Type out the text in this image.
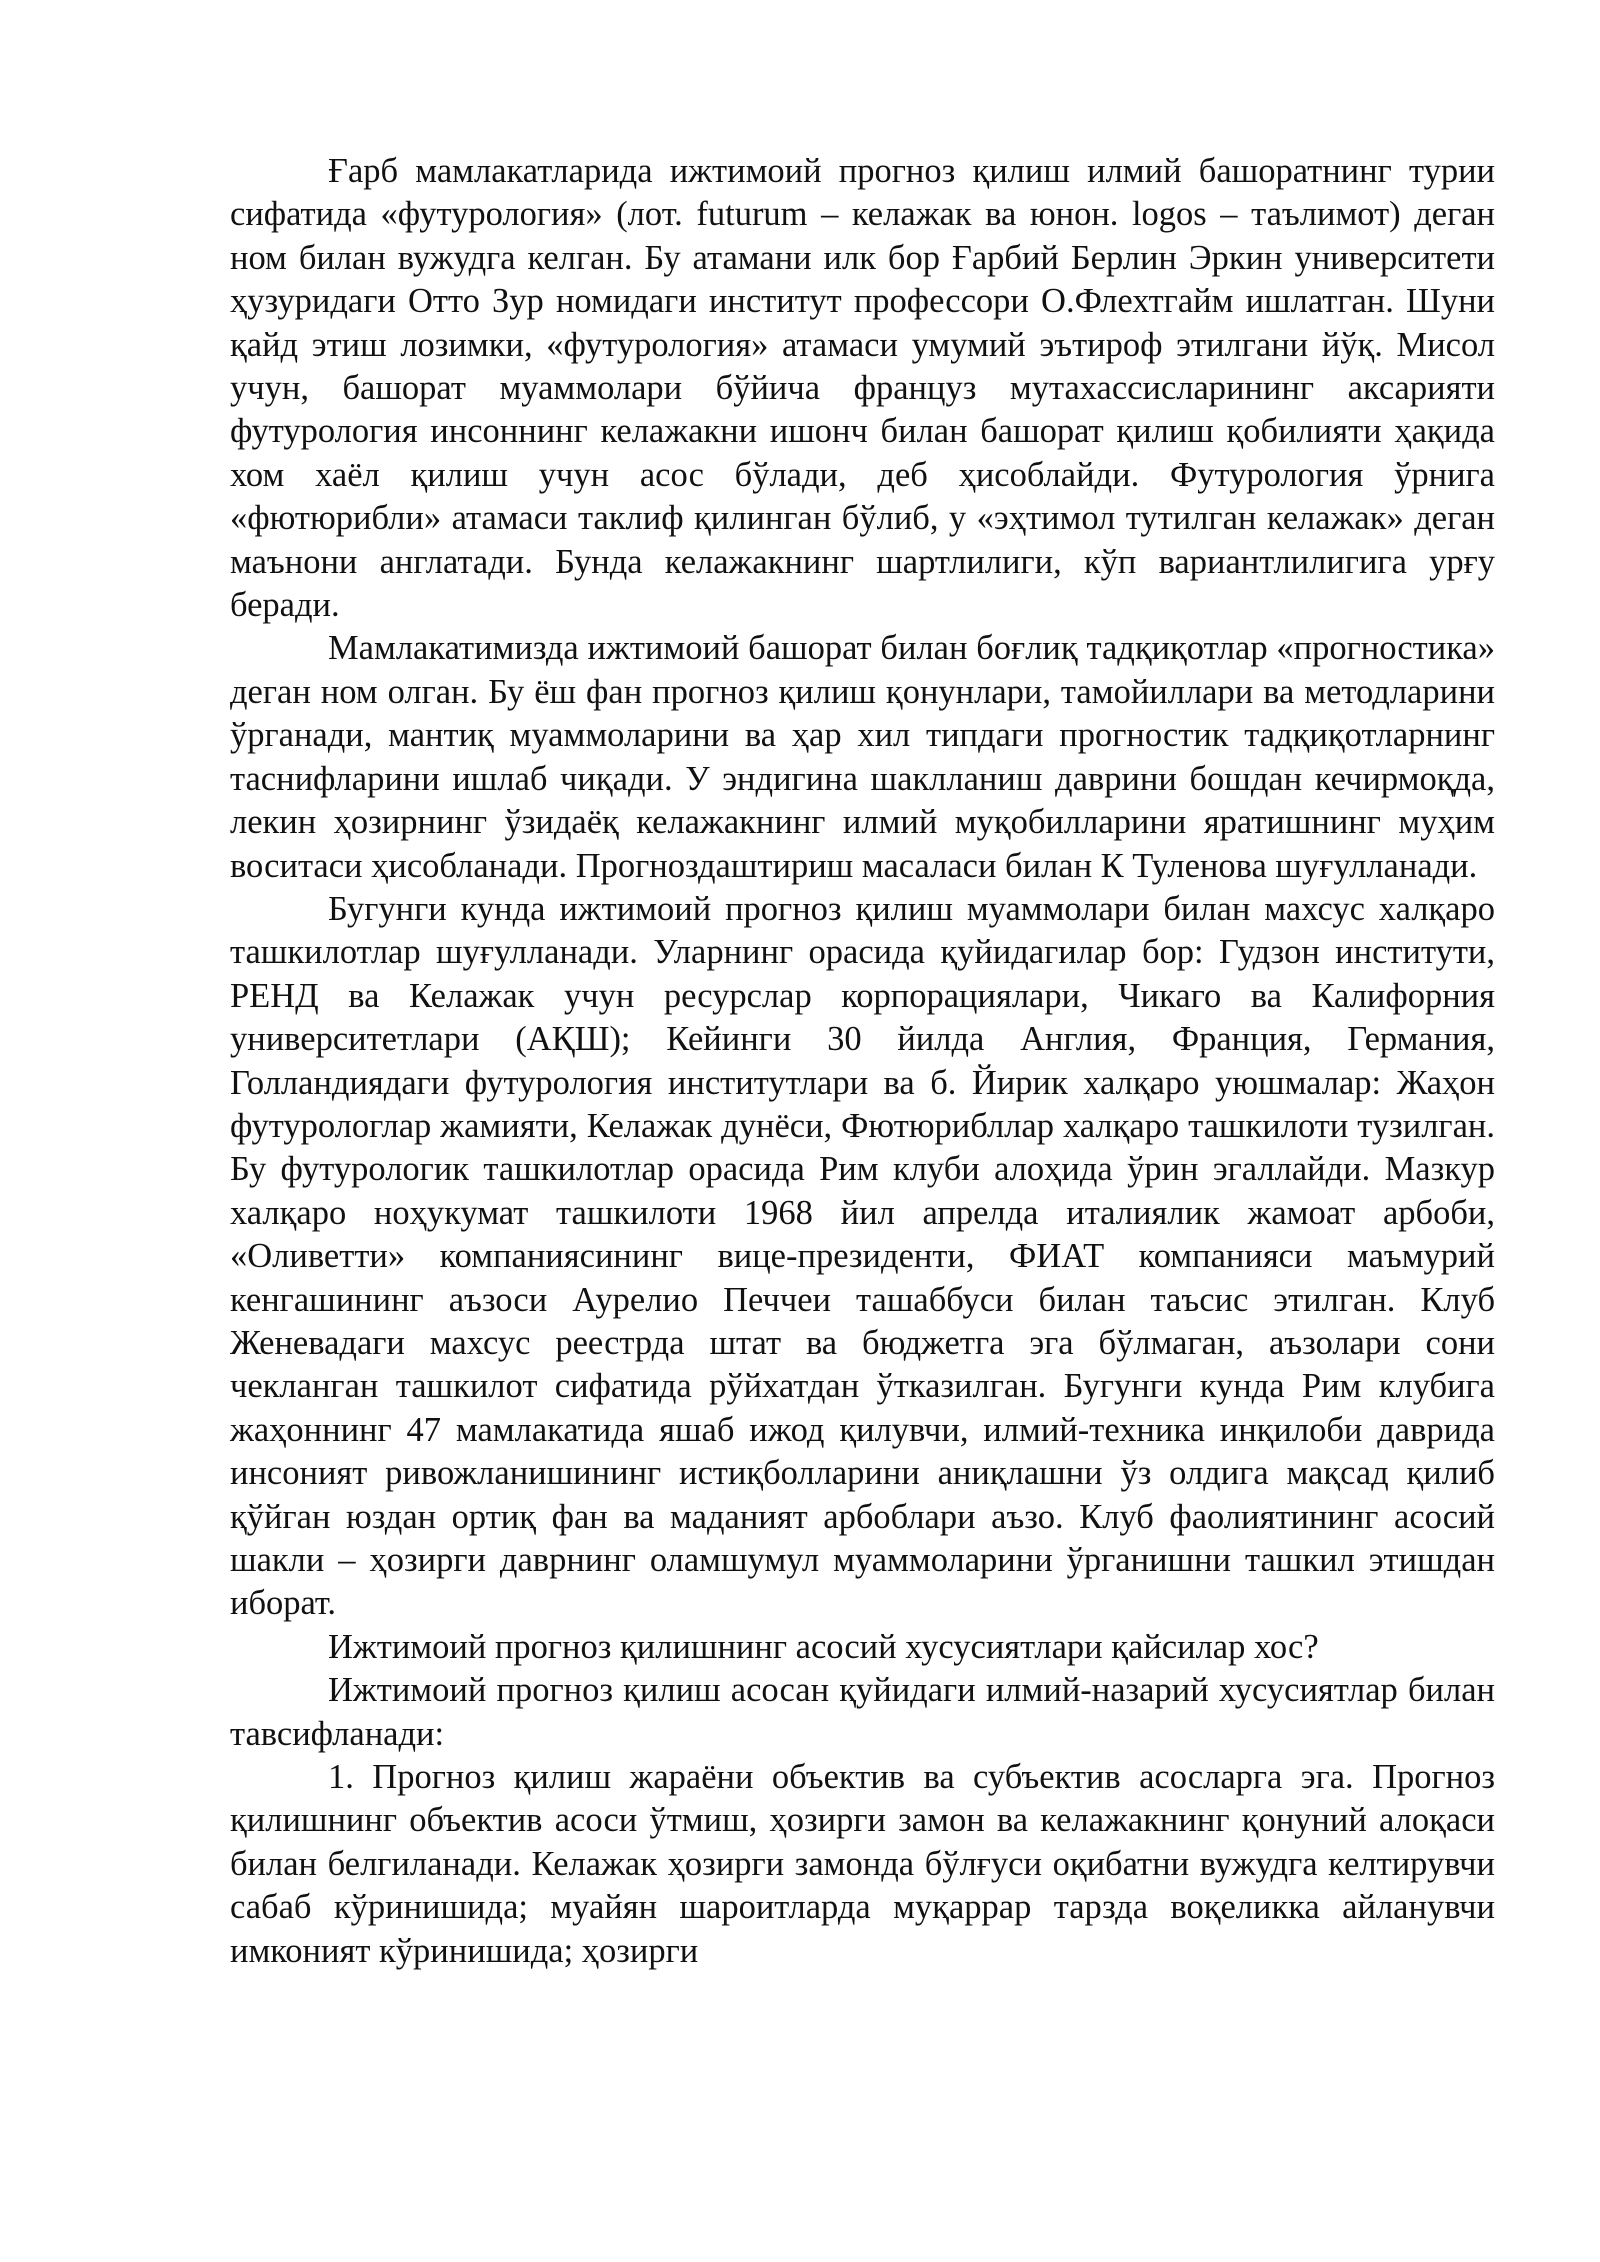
Ғарб мамлакатларида ижтимоий прогноз қилиш илмий башоратнинг турии сифатида «футурология» (лот. futurum – келажак ва юнон. logos – таълимот) деган ном билан вужудга келган. Бу атамани илк бор Ғарбий Берлин Эркин университети ҳузуридаги Отто Зур номидаги институт профессори О.Флехтгайм ишлатган. Шуни қайд этиш лозимки, «футурология» атамаси умумий эътироф этилгани йўқ. Мисол учун, башорат муаммолари бўйича француз мутахассисларининг аксарияти футурология инсоннинг келажакни ишонч билан башорат қилиш қобилияти ҳақида хом хаёл қилиш учун асос бўлади, деб ҳисоблайди. Футурология ўрнига «фютюрибли» атамаси таклиф қилинган бўлиб, у «эҳтимол тутилган келажак» деган маънони англатади. Бунда келажакнинг шартлилиги, кўп вариантлилигига урғу беради.

Мамлакатимизда ижтимоий башорат билан боғлиқ тадқиқотлар «прогностика» деган ном олган. Бу ёш фан прогноз қилиш қонунлари, тамойиллари ва методларини ўрганади, мантиқ муаммоларини ва ҳар хил типдаги прогностик тадқиқотларнинг таснифларини ишлаб чиқади. У эндигина шаклланиш даврини бошдан кечирмоқда, лекин ҳозирнинг ўзидаёқ келажакнинг илмий муқобилларини яратишнинг муҳим воситаси ҳисобланади. Прогноздаштириш масаласи билан К Туленова шуғулланади.

Бугунги кунда ижтимоий прогноз қилиш муаммолари билан махсус халқаро ташкилотлар шуғулланади. Уларнинг орасида қуйидагилар бор: Гудзон институти, РЕНД ва Келажак учун ресурслар корпорациялари, Чикаго ва Калифорния университетлари (АҚШ); Кейинги 30 йилда Англия, Франция, Германия, Голландиядаги футурология институтлари ва б. Йирик халқаро уюшмалар: Жаҳон футурологлар жамияти, Келажак дунёси, Фютюрибллар халқаро ташкилоти тузилган. Бу футурологик ташкилотлар орасида Рим клуби алоҳида ўрин эгаллайди. Мазкур халқаро ноҳукумат ташкилоти 1968 йил апрелда италиялик жамоат арбоби, «Оливетти» компаниясининг вице-президенти, ФИАТ компанияси маъмурий кенгашининг аъзоси Аурелио Печчеи ташаббуси билан таъсис этилган. Клуб Женевадаги махсус реестрда штат ва бюджетга эга бўлмаган, аъзолари сони чекланган ташкилот сифатида рўйхатдан ўтказилган. Бугунги кунда Рим клубига жаҳоннинг 47 мамлакатида яшаб ижод қилувчи, илмий-техника инқилоби даврида инсоният ривожланишининг истиқболларини аниқлашни ўз олдига мақсад қилиб қўйган юздан ортиқ фан ва маданият арбоблари аъзо. Клуб фаолиятининг асосий шакли – ҳозирги даврнинг оламшумул муаммоларини ўрганишни ташкил этишдан иборат.

Ижтимоий прогноз қилишнинг асосий хусусиятлари қайсилар хос?

Ижтимоий прогноз қилиш асосан қуйидаги илмий-назарий хусусиятлар билан тавсифланади:

1. Прогноз қилиш жараёни объектив ва субъектив асосларга эга. Прогноз қилишнинг объектив асоси ўтмиш, ҳозирги замон ва келажакнинг қонуний алоқаси билан белгиланади. Келажак ҳозирги замонда бўлғуси оқибатни вужудга келтирувчи сабаб кўринишида; муайян шароитларда муқаррар тарзда воқеликка айланувчи имконият кўринишида; ҳозирги
